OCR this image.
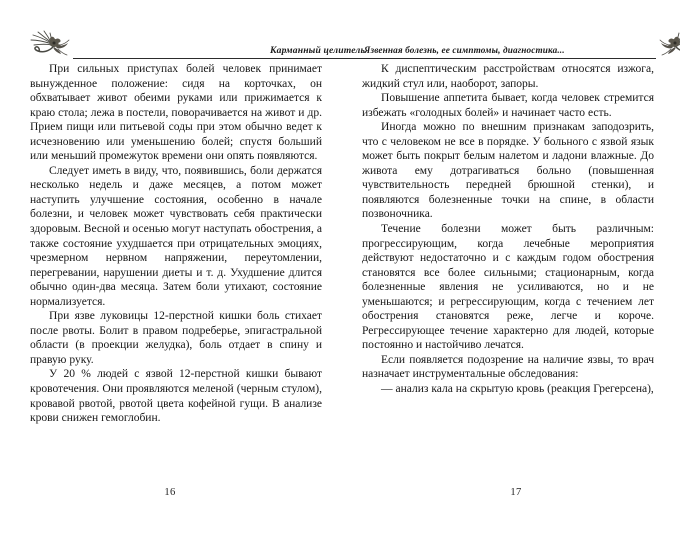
Карманный целитель

При сильных приступах болей человек принимает вынужденное положение: сидя на корточках, он обхватывает живот обеими руками или прижимается к краю стола; лежа в постели, поворачивается на живот и др. Прием пищи или питьевой соды при этом обычно ведет к исчезновению или уменьшению болей; спустя больший или меньший промежуток времени они опять появляются.

Следует иметь в виду, что, появившись, боли держатся несколько недель и даже месяцев, а потом может наступить улучшение состояния, особенно в начале болезни, и человек может чувствовать себя практически здоровым. Весной и осенью могут наступать обострения, а также состояние ухудшается при отрицательных эмоциях, чрезмерном нервном напряжении, переутомлении, перегревании, нарушении диеты и т. д. Ухудшение длится обычно один-два месяца. Затем боли утихают, состояние нормализуется.

При язве луковицы 12-перстной кишки боль стихает после рвоты. Болит в правом подреберье, эпигастральной области (в проекции желудка), боль отдает в спину и правую руку.

У 20 % людей с язвой 12-перстной кишки бывают кровотечения. Они проявляются меленой (черным стулом), кровавой рвотой, рвотой цвета кофейной гущи. В анализе крови снижен гемоглобин.

16
Язвенная болезнь, ее симптомы, диагностика...

К диспептическим расстройствам относятся изжога, жидкий стул или, наоборот, запоры.

Повышение аппетита бывает, когда человек стремится избежать «голодных болей» и начинает часто есть.

Иногда можно по внешним признакам заподозрить, что с человеком не все в порядке. У больного с язвой язык может быть покрыт белым налетом и ладони влажные. До живота ему дотрагиваться больно (повышенная чувствительность передней брюшной стенки), и появляются болезненные точки на спине, в области позвоночника.

Течение болезни может быть различным: прогрессирующим, когда лечебные мероприятия действуют недостаточно и с каждым годом обострения становятся все более сильными; стационарным, когда болезненные явления не усиливаются, но и не уменьшаются; и регрессирующим, когда с течением лет обострения становятся реже, легче и короче. Регрессирующее течение характерно для людей, которые постоянно и настойчиво лечатся.

Если появляется подозрение на наличие язвы, то врач назначает инструментальные обследования:

— анализ кала на скрытую кровь (реакция Грегерсена),

17
